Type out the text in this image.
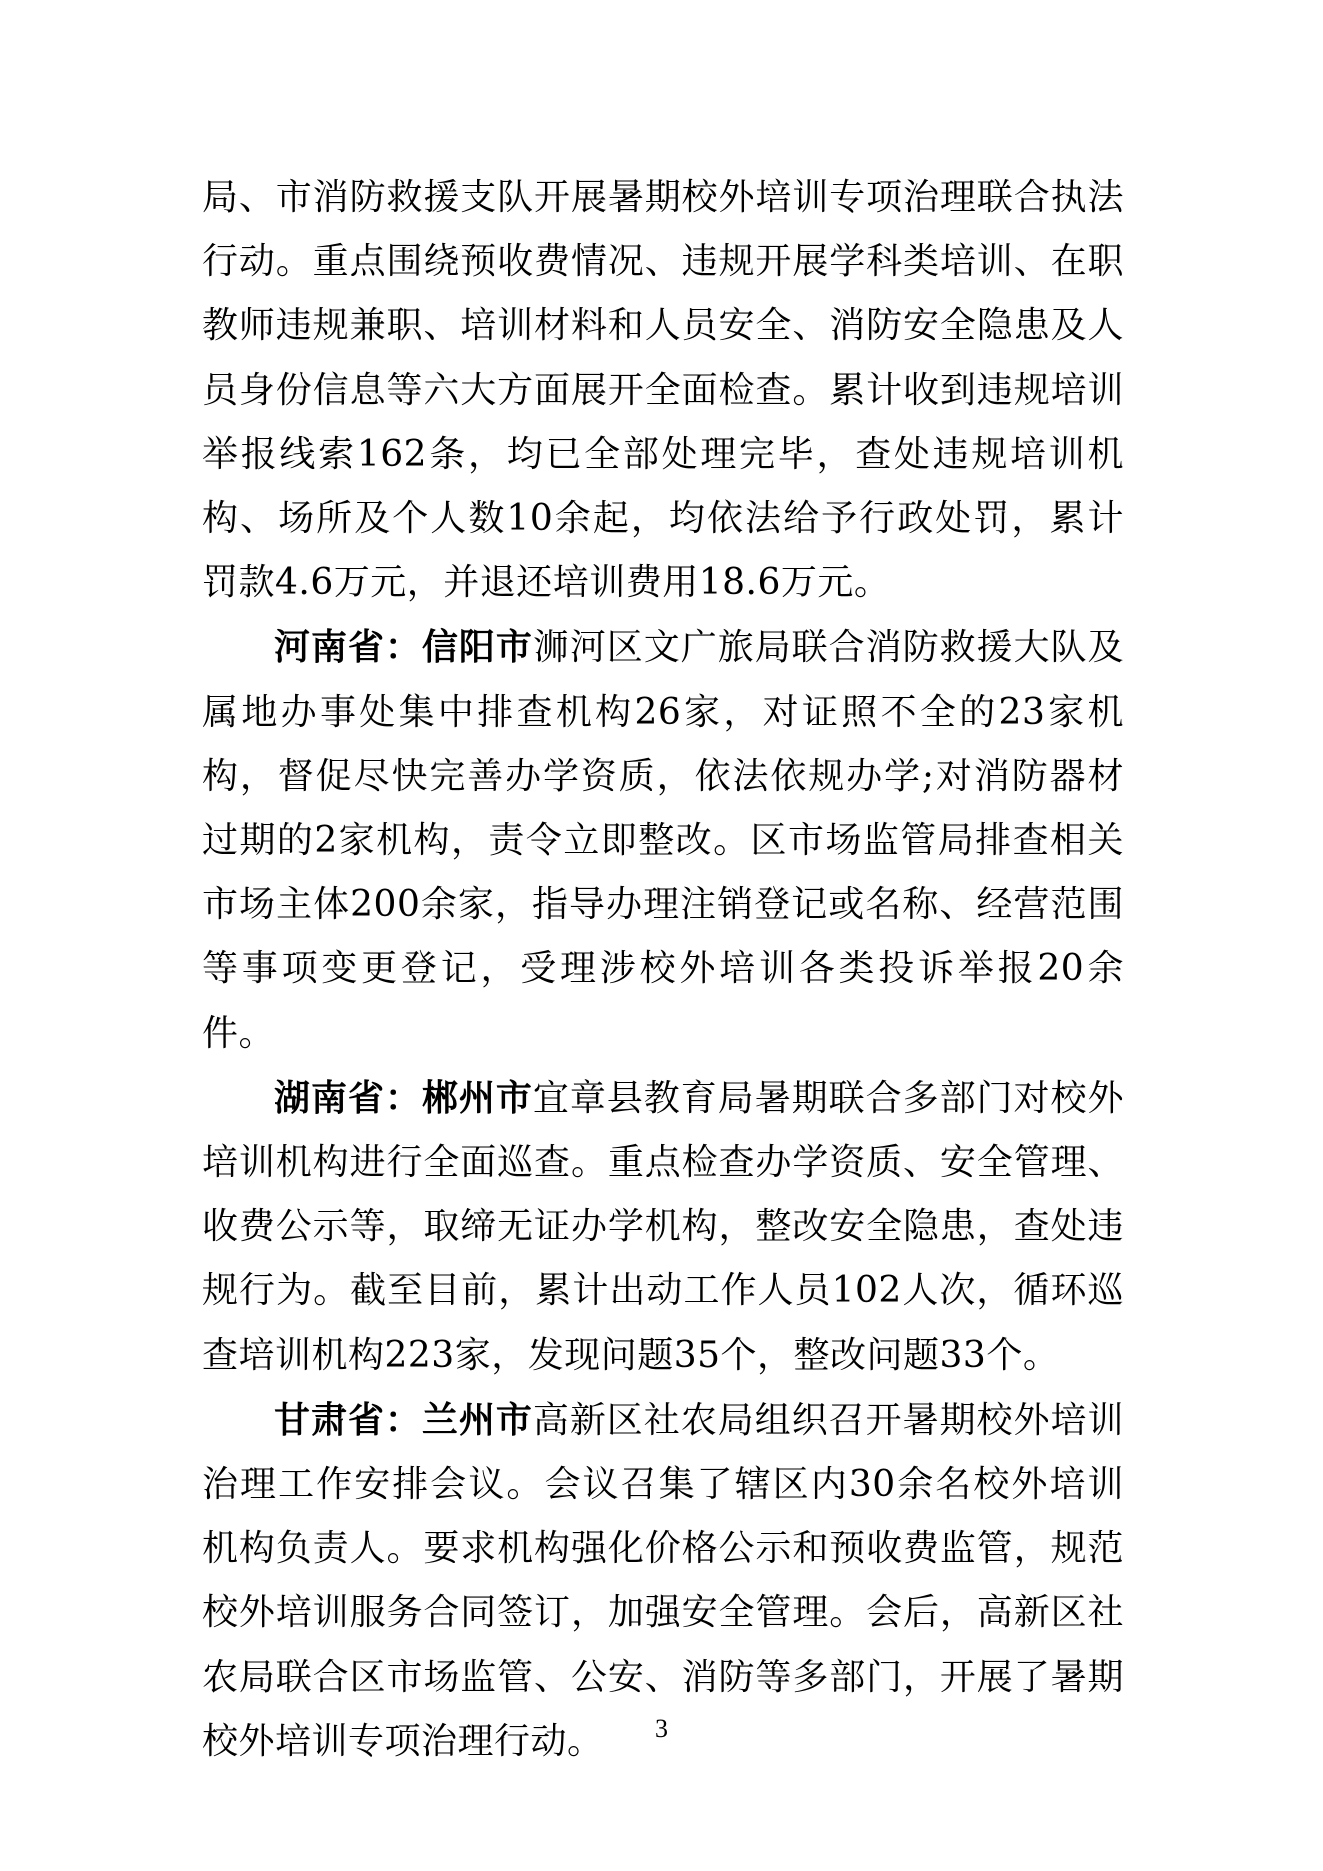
局、市消防救援支队开展暑期校外培训专项治理联合执法行动。重点围绕预收费情况、违规开展学科类培训、在职教师违规兼职、培训材料和人员安全、消防安全隐患及人员身份信息等六大方面展开全面检查。累计收到违规培训举报线索162条，均已全部处理完毕，查处违规培训机构、场所及个人数10余起，均依法给予行政处罚，累计罚款4.6万元，并退还培训费用18.6万元。

河南省：信阳市浉河区文广旅局联合消防救援大队及属地办事处集中排查机构26家，对证照不全的23家机构，督促尽快完善办学资质，依法依规办学;对消防器材过期的2家机构，责令立即整改。区市场监管局排查相关市场主体200余家，指导办理注销登记或名称、经营范围等事项变更登记，受理涉校外培训各类投诉举报20余件。

湖南省：郴州市宜章县教育局暑期联合多部门对校外培训机构进行全面巡查。重点检查办学资质、安全管理、收费公示等，取缔无证办学机构，整改安全隐患，查处违规行为。截至目前，累计出动工作人员102人次，循环巡查培训机构223家，发现问题35个，整改问题33个。

甘肃省：兰州市高新区社农局组织召开暑期校外培训治理工作安排会议。会议召集了辖区内30余名校外培训机构负责人。要求机构强化价格公示和预收费监管，规范校外培训服务合同签订，加强安全管理。会后，高新区社农局联合区市场监管、公安、消防等多部门，开展了暑期校外培训专项治理行动。	3
